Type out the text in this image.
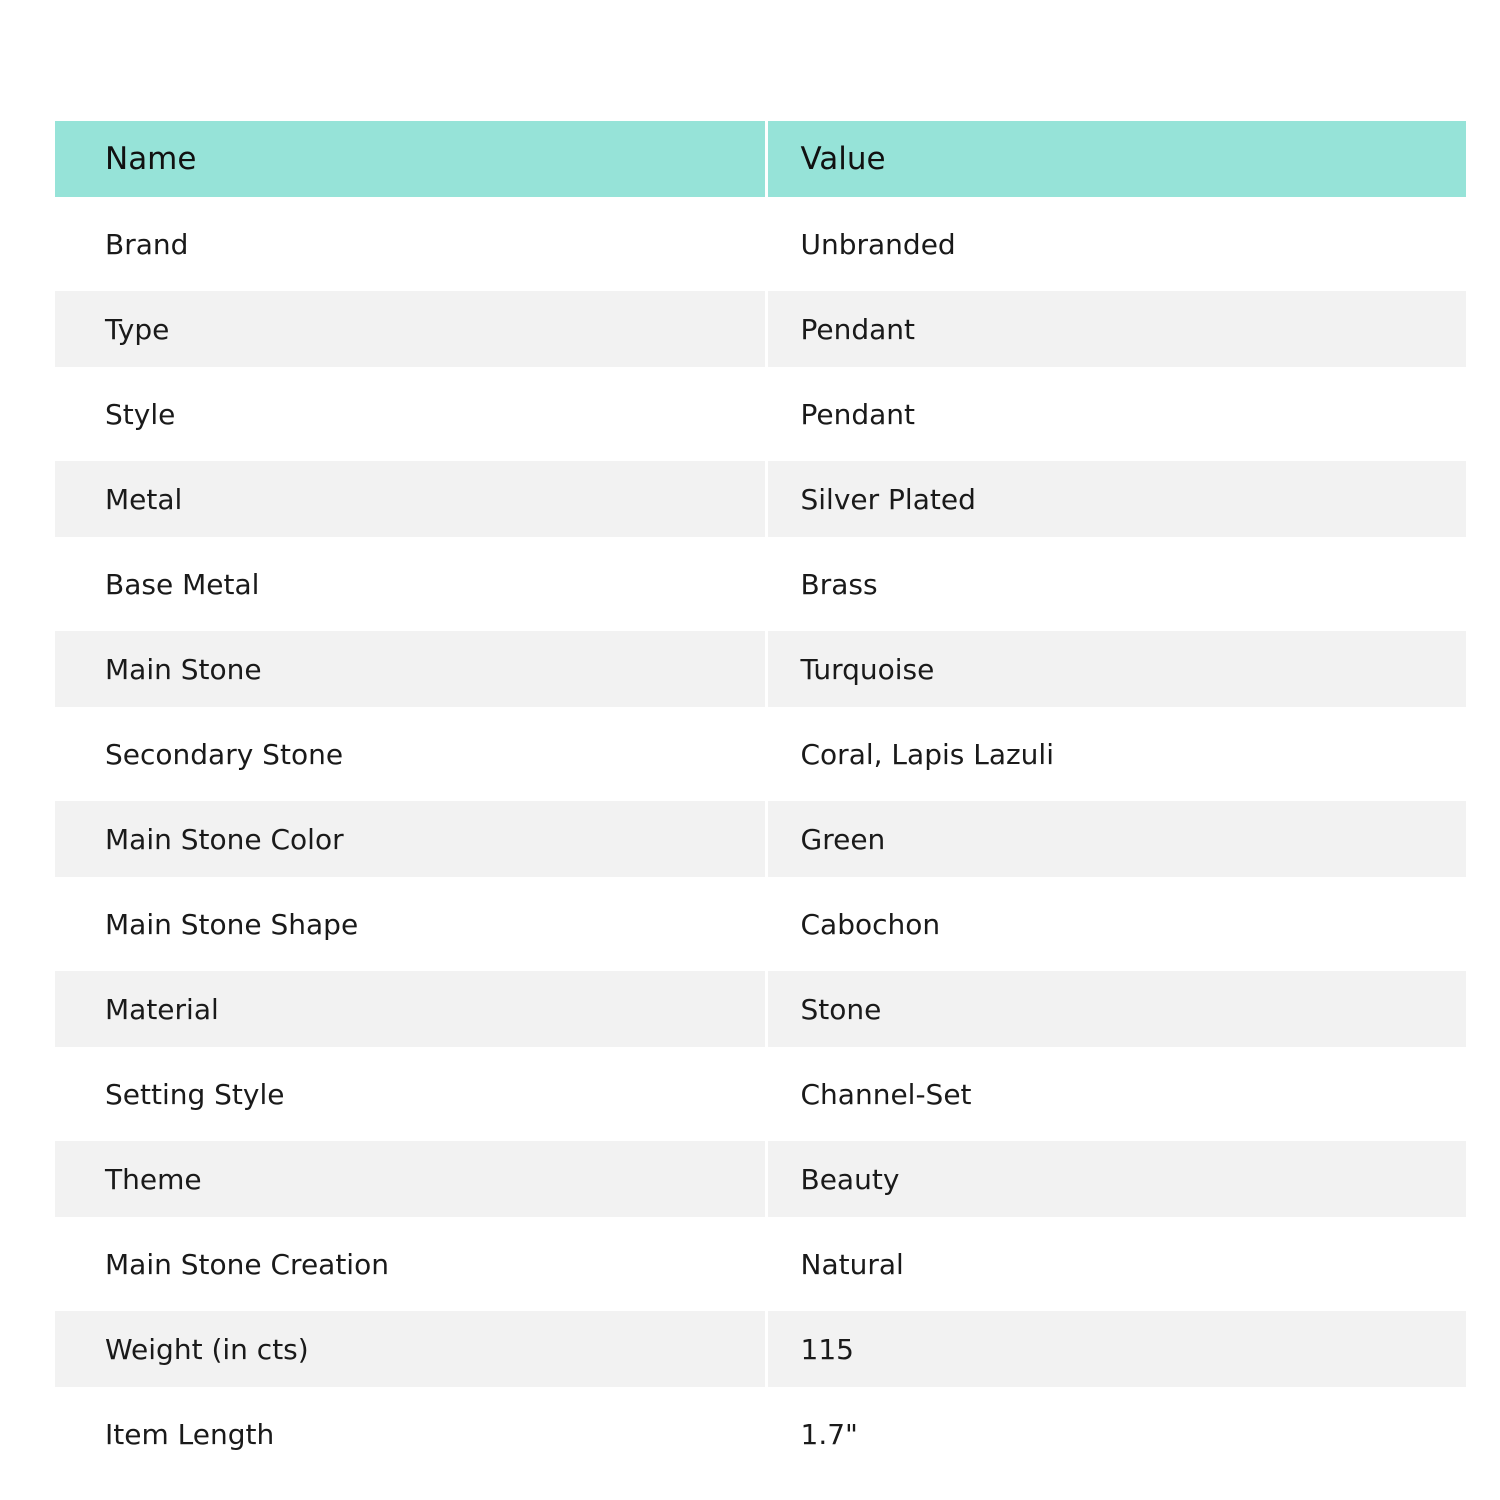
Name	Value
Brand	Unbranded
Type	Pendant
Style	Pendant
Metal	Silver Plated
Base Metal	Brass
Main Stone	Turquoise
Secondary Stone	Coral, Lapis Lazuli
Main Stone Color	Green
Main Stone Shape	Cabochon
Material	Stone
Setting Style	Channel-Set
Theme	Beauty
Main Stone Creation	Natural
Weight (in cts)	115
Item Length	1.7"
